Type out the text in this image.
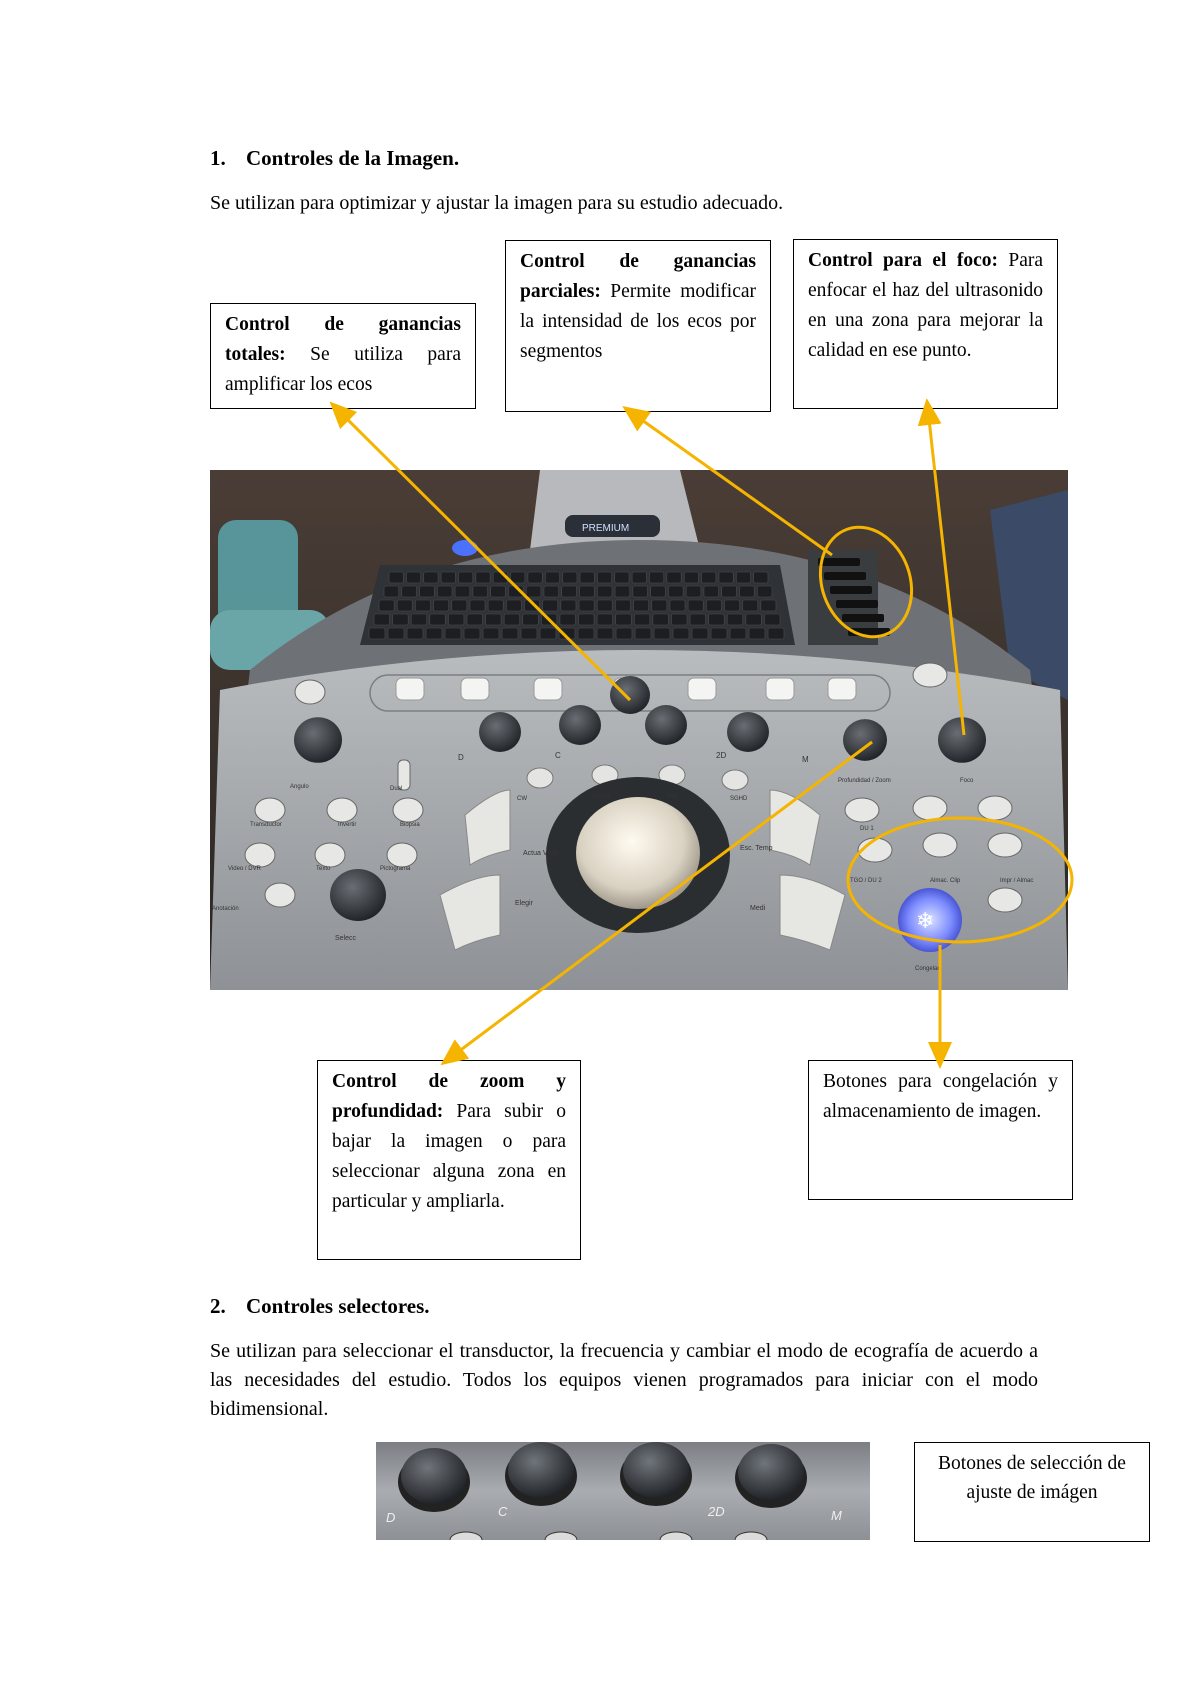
1. Controles de la Imagen.
Se utilizan para optimizar y ajustar la imagen para su estudio adecuado.
Control de ganancias totales: Se utiliza para amplificar los ecos
Control de ganancias parciales: Permite modificar la intensidad de los ecos por segmentos
Control para el foco: Para enfocar el haz del ultrasonido en una zona para mejorar la calidad en ese punto.
PREMIUM
Actua Vista
Elegir
Esc. Temp
Medi	❄
Selecc
D	C	2D	M
CW	Power	THE	SGHD
Profundidad / Zoom	Foco
DU 1
TGO / DU 2	Almac. Clip	Impr / Almac
Angulo
Invertir
Transductor
Video / DVR	Texto	Pictograma
Anotación
Congelar
Dual
Biopsia
Control de zoom y profundidad: Para subir o bajar la imagen o para seleccionar alguna zona en particular y ampliarla.
Botones para congelación y almacenamiento de imagen.
2. Controles selectores.
Se utilizan para seleccionar el transductor, la frecuencia y cambiar el modo de ecografía de acuerdo a las necesidades del estudio. Todos los equipos vienen programados para iniciar con el modo bidimensional.
D	C	2D	M
Botones de selección de ajuste de imágen
